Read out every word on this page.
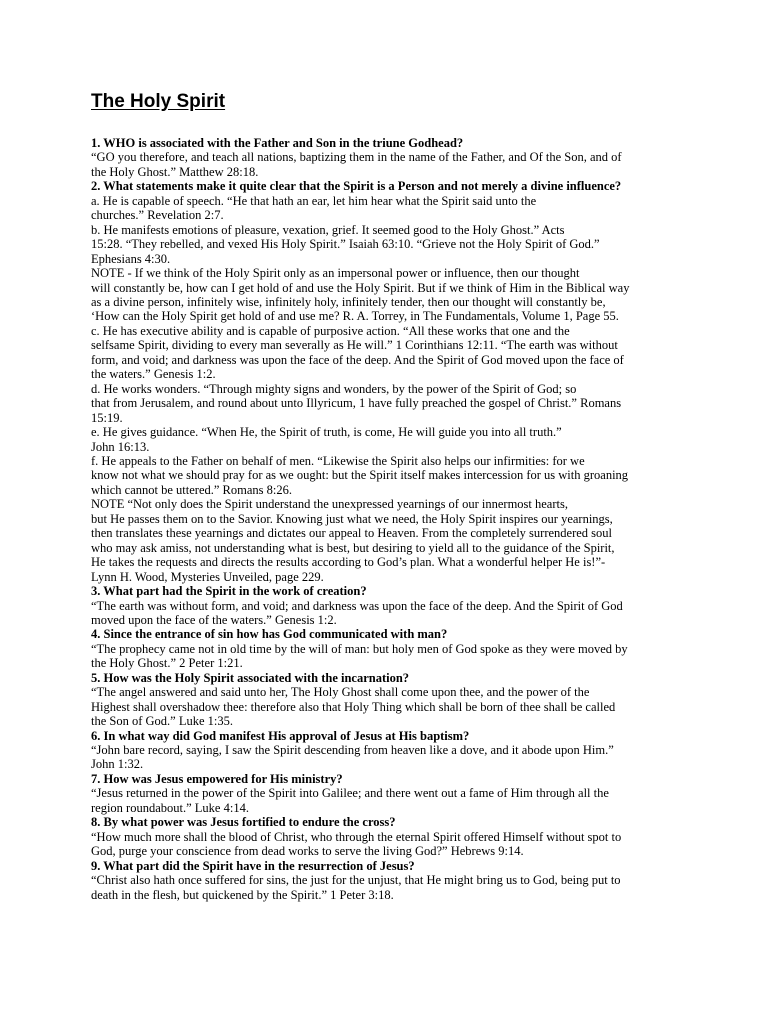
The Holy Spirit
1. WHO is associated with the Father and Son in the triune Godhead?
“GO you therefore, and teach all nations, baptizing them in the name of the Father, and Of the Son, and of
the Holy Ghost.” Matthew 28:18.
2. What statements make it quite clear that the Spirit is a Person and not merely a divine influence?
a. He is capable of speech. “He that hath an ear, let him hear what the Spirit said unto the
churches.” Revelation 2:7.
b. He manifests emotions of pleasure, vexation, grief. It seemed good to the Holy Ghost.” Acts
15:28. “They rebelled, and vexed His Holy Spirit.” Isaiah 63:10. “Grieve not the Holy Spirit of God.”
Ephesians 4:30.
NOTE - If we think of the Holy Spirit only as an impersonal power or influence, then our thought
will constantly be, how can I get hold of and use the Holy Spirit. But if we think of Him in the Biblical way
as a divine person, infinitely wise, infinitely holy, infinitely tender, then our thought will constantly be,
‘How can the Holy Spirit get hold of and use me? R. A. Torrey, in The Fundamentals, Volume 1, Page 55.
c. He has executive ability and is capable of purposive action. “All these works that one and the
selfsame Spirit, dividing to every man severally as He will.” 1 Corinthians 12:11. “The earth was without
form, and void; and darkness was upon the face of the deep. And the Spirit of God moved upon the face of
the waters.” Genesis 1:2.
d. He works wonders. “Through mighty signs and wonders, by the power of the Spirit of God; so
that from Jerusalem, and round about unto Illyricum, 1 have fully preached the gospel of Christ.” Romans
15:19.
e. He gives guidance. “When He, the Spirit of truth, is come, He will guide you into all truth.”
John 16:13.
f. He appeals to the Father on behalf of men. “Likewise the Spirit also helps our infirmities: for we
know not what we should pray for as we ought: but the Spirit itself makes intercession for us with groaning
which cannot be uttered.” Romans 8:26.
NOTE “Not only does the Spirit understand the unexpressed yearnings of our innermost hearts,
but He passes them on to the Savior. Knowing just what we need, the Holy Spirit inspires our yearnings,
then translates these yearnings and dictates our appeal to Heaven. From the completely surrendered soul
who may ask amiss, not understanding what is best, but desiring to yield all to the guidance of the Spirit,
He takes the requests and directs the results according to God’s plan. What a wonderful helper He is!”-
Lynn H. Wood, Mysteries Unveiled, page 229.
3. What part had the Spirit in the work of creation?
“The earth was without form, and void; and darkness was upon the face of the deep. And the Spirit of God
moved upon the face of the waters.” Genesis 1:2.
4. Since the entrance of sin how has God communicated with man?
“The prophecy came not in old time by the will of man: but holy men of God spoke as they were moved by
the Holy Ghost.” 2 Peter 1:21.
5. How was the Holy Spirit associated with the incarnation?
“The angel answered and said unto her, The Holy Ghost shall come upon thee, and the power of the
Highest shall overshadow thee: therefore also that Holy Thing which shall be born of thee shall be called
the Son of God.” Luke 1:35.
6. In what way did God manifest His approval of Jesus at His baptism?
“John bare record, saying, I saw the Spirit descending from heaven like a dove, and it abode upon Him.”
John 1:32.
7. How was Jesus empowered for His ministry?
“Jesus returned in the power of the Spirit into Galilee; and there went out a fame of Him through all the
region roundabout.” Luke 4:14.
8. By what power was Jesus fortified to endure the cross?
“How much more shall the blood of Christ, who through the eternal Spirit offered Himself without spot to
God, purge your conscience from dead works to serve the living God?” Hebrews 9:14.
9. What part did the Spirit have in the resurrection of Jesus?
“Christ also hath once suffered for sins, the just for the unjust, that He might bring us to God, being put to
death in the flesh, but quickened by the Spirit.” 1 Peter 3:18.
